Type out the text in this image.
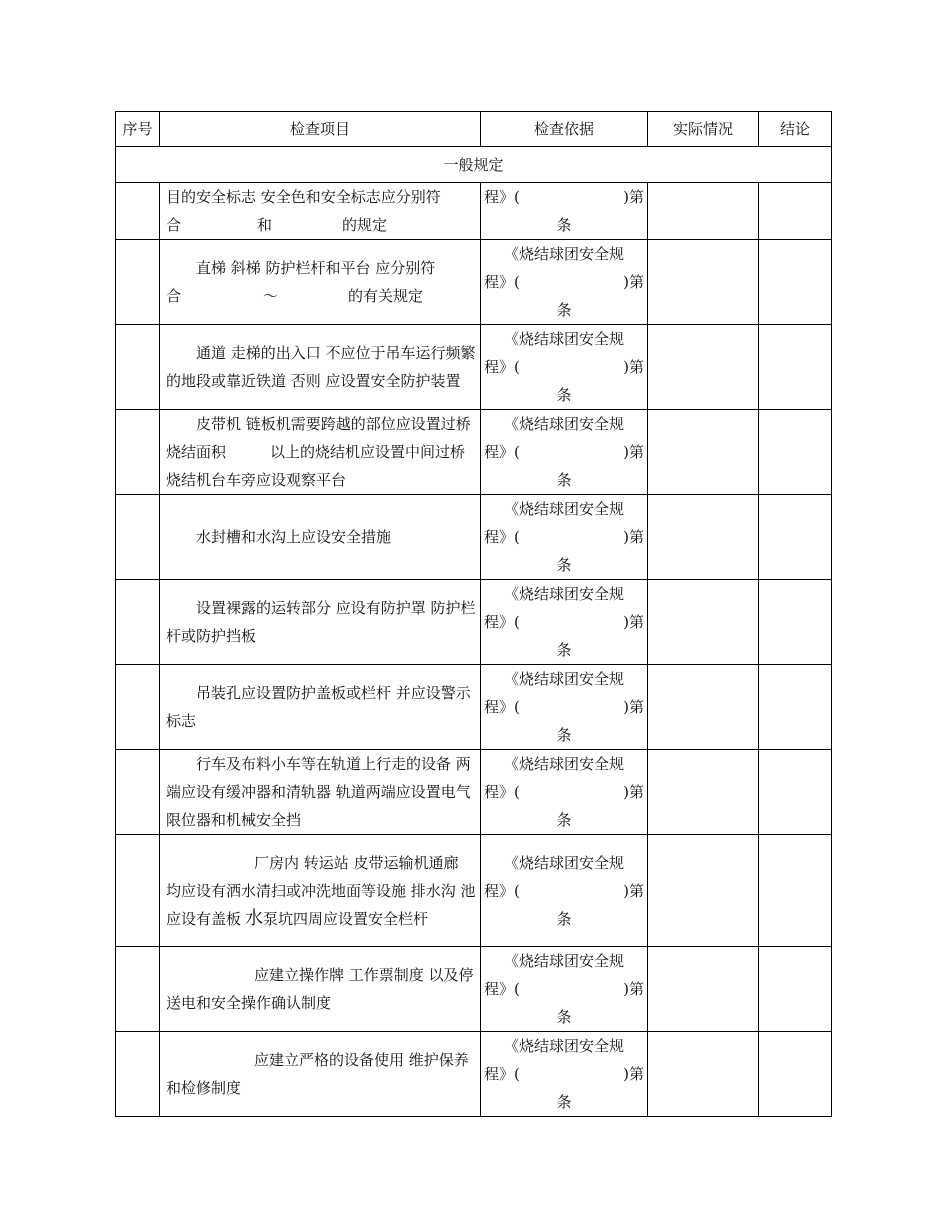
序号	检查项目	检查依据	实际情况	结论
一般规定				
	目的安全标志 安全色和安全标志应分别符
合 和 的规定	程》( )第
条		

	直梯 斜梯 防护栏杆和平台 应分别符
合 ～ 的有关规定	《烧结球团安全规
程》( )第
条		

	通道 走梯的出入口 不应位于吊车运行频繁的地段或靠近铁道 否则 应设置安全防护装置	《烧结球团安全规
程》( )第
条		

	皮带机 链板机需要跨越的部位应设置过桥 烧结面积 以上的烧结机应设置中间过桥 烧结机台车旁应设观察平台	《烧结球团安全规
程》( )第
条		

	水封槽和水沟上应设安全措施	《烧结球团安全规
程》( )第
条		

	设置裸露的运转部分 应设有防护罩 防护栏杆或防护挡板	《烧结球团安全规
程》( )第
条		

	吊装孔应设置防护盖板或栏杆 并应设警示标志	《烧结球团安全规
程》( )第
条		

	行车及布料小车等在轨道上行走的设备 两端应设有缓冲器和清轨器 轨道两端应设置电气限位器和机械安全挡	《烧结球团安全规
程》( )第
条		

	厂房内 转运站 皮带运输机通廊 均应设有洒水清扫或冲洗地面等设施 排水沟 池应设有盖板 水泵坑四周应设置安全栏杆	《烧结球团安全规
程》( )第
条		

	应建立操作牌 工作票制度 以及停送电和安全操作确认制度	《烧结球团安全规
程》( )第
条		

	应建立严格的设备使用 维护保养和检修制度	《烧结球团安全规
程》( )第
条		
